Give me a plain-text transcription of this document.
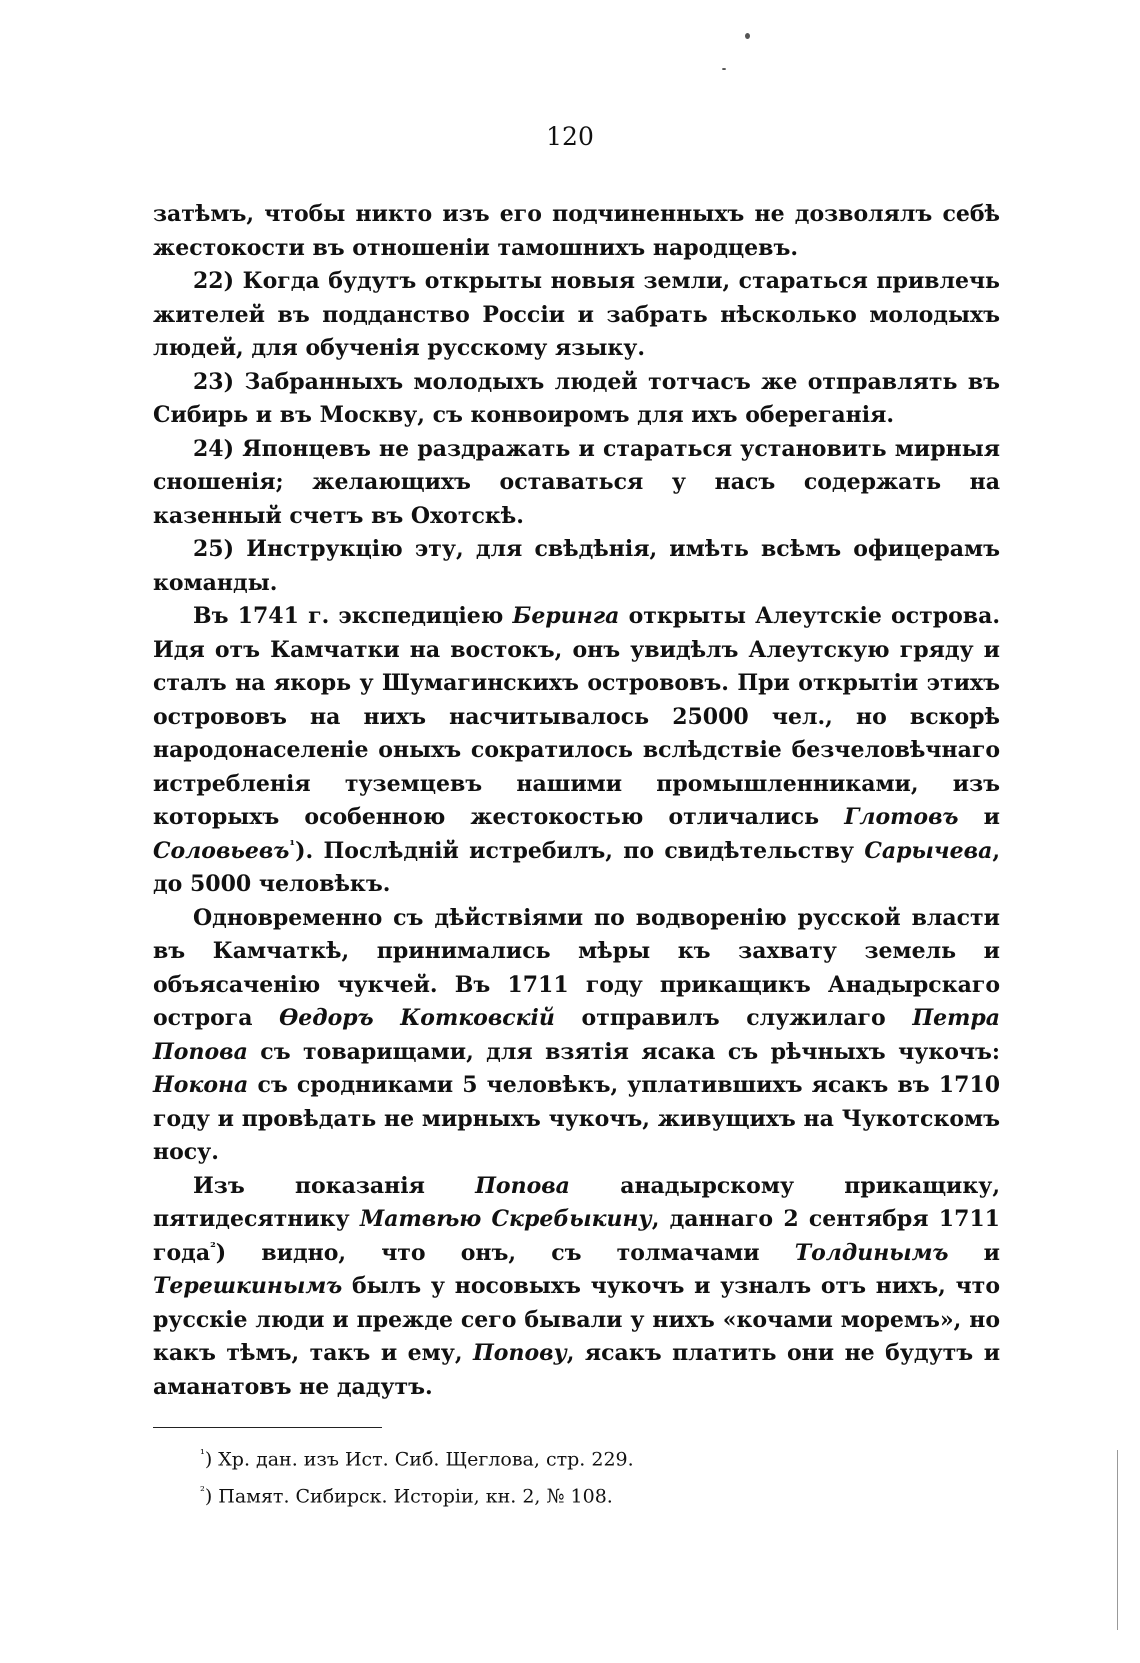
120

затѣмъ, чтобы никто изъ его подчиненныхъ не дозволялъ себѣ жестокости въ отношеніи тамошнихъ народцевъ.

22) Когда будутъ открыты новыя земли, стараться привлечь жителей въ подданство Россіи и забрать нѣсколько молодыхъ людей, для обученія русскому языку.

23) Забранныхъ молодыхъ людей тотчасъ же отправлять въ Сибирь и въ Москву, съ конвоиромъ для ихъ обереганія.

24) Японцевъ не раздражать и стараться установить мирныя сношенія; желающихъ оставаться у насъ содержать на казенный счетъ въ Охотскѣ.

25) Инструкцію эту, для свѣдѣнія, имѣть всѣмъ офицерамъ команды.

Въ 1741 г. экспедиціею Беринга открыты Алеутскіе острова. Идя отъ Камчатки на востокъ, онъ увидѣлъ Алеутскую гряду и сталъ на якорь у Шумагинскихъ острововъ. При открытіи этихъ острововъ на нихъ насчитывалось 25000 чел., но вскорѣ народонаселеніе оныхъ сократилось вслѣдствіе безчеловѣчнаго истребленія туземцевъ нашими промышленниками, изъ которыхъ особенною жестокостью отличались Глотовъ и Соловьевъ$^{^1}$). Послѣдній истребилъ, по свидѣтельству Сарычева, до 5000 человѣкъ.

Одновременно съ дѣйствіями по водворенію русской власти въ Камчаткѣ, принимались мѣры къ захвату земель и объясаченію чукчей. Въ 1711 году прикащикъ Анадырскаго острога Өедоръ Котковскій отправилъ служилаго Петра Попова съ товарищами, для взятія ясака съ рѣчныхъ чукочъ: Нокона съ сродниками 5 человѣкъ, уплатившихъ ясакъ въ 1710 году и провѣдать не мирныхъ чукочъ, живущихъ на Чукотскомъ носу.

Изъ показанія Попова анадырскому прикащику, пятидесятнику Матвѣю Скребыкину, даннаго 2 сентября 1711 года$^{^2}$) видно, что онъ, съ толмачами Толдинымъ и Терешкинымъ былъ у носовыхъ чукочъ и узналъ отъ нихъ, что русскіе люди и прежде сего бывали у нихъ «кочами моремъ», но какъ тѣмъ, такъ и ему, Попову, ясакъ платить они не будутъ и аманатовъ не дадутъ.

$^{^1}$) Хр. дан. изъ Ист. Сиб. Щеглова, стр. 229.
$^{^2}$) Памят. Сибирск. Исторіи, кн. 2, № 108.
